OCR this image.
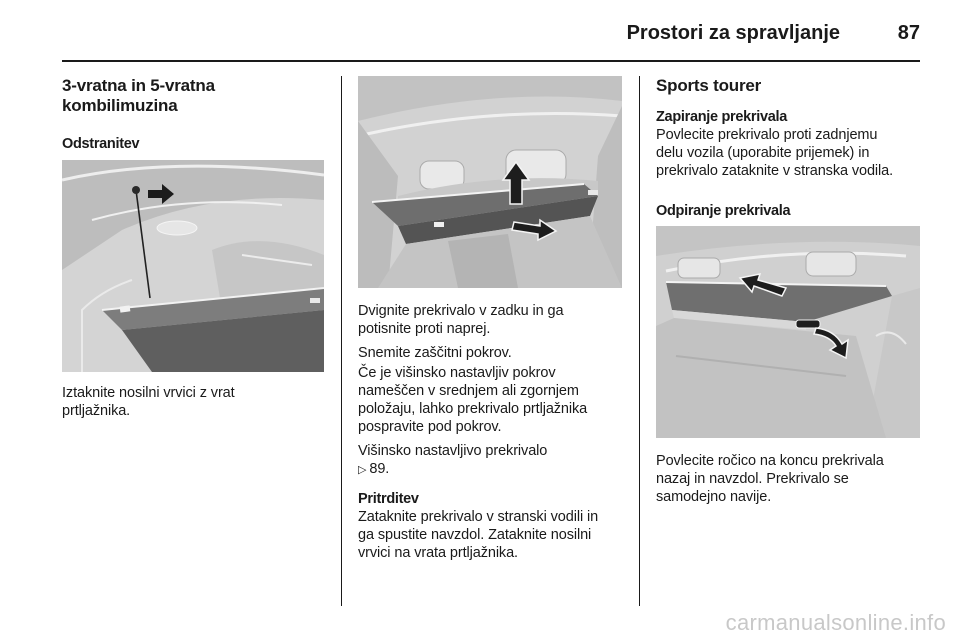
Prostori za spravljanje	87
3-vratna in 5-vratna
kombilimuzina
Odstranitev

Iztaknite nosilni vrvici z vrat

prtljažnika.

Dvignite prekrivalo v zadku in ga

potisnite proti naprej.

Snemite zaščitni pokrov.

Če je višinsko nastavljiv pokrov

nameščen v srednjem ali zgornjem

položaju, lahko prekrivalo prtljažnika

pospravite pod pokrov.

Višinsko nastavljivo prekrivalo

▷ 89.

Pritrditev

Zataknite prekrivalo v stranski vodili in

ga spustite navzdol. Zataknite nosilni

vrvici na vrata prtljažnika.

Sports tourer
Zapiranje prekrivala

Povlecite prekrivalo proti zadnjemu

delu vozila (uporabite prijemek) in

prekrivalo zataknite v stranska vodila.

Odpiranje prekrivala

Povlecite ročico na koncu prekrivala

nazaj in navzdol. Prekrivalo se

samodejno navije.

carmanualsonline.info
